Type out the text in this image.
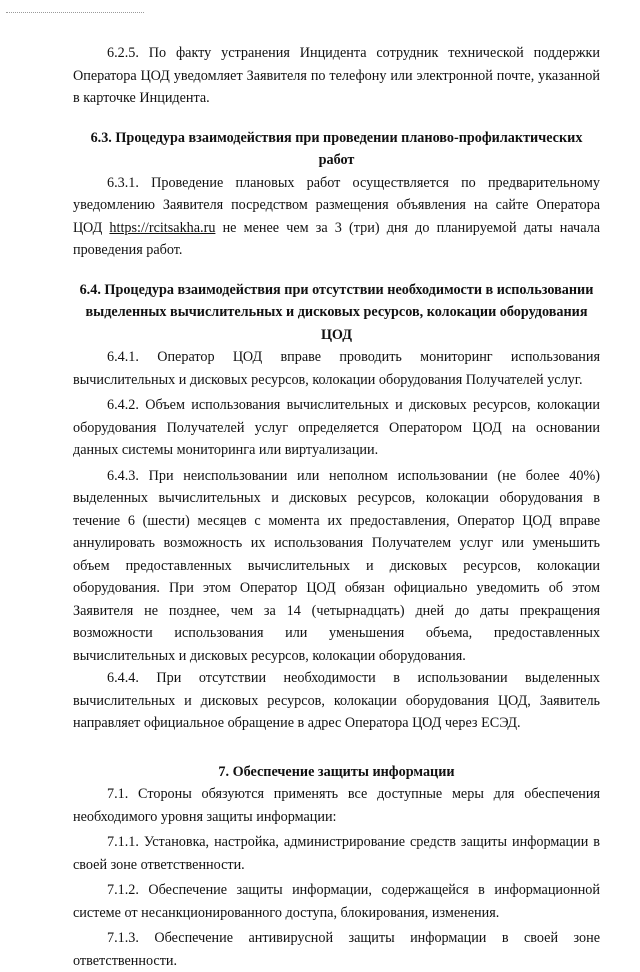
6.2.5. По факту устранения Инцидента сотрудник технической поддержки Оператора ЦОД уведомляет Заявителя по телефону или электронной почте, указанной в карточке Инцидента.

6.3. Процедура взаимодействия при проведении планово-профилактических работ

6.3.1. Проведение плановых работ осуществляется по предварительному уведомлению Заявителя посредством размещения объявления на сайте Оператора ЦОД https://rcitsakha.ru не менее чем за 3 (три) дня до планируемой даты начала проведения работ.

6.4. Процедура взаимодействия при отсутствии необходимости в использовании выделенных вычислительных и дисковых ресурсов, колокации оборудования ЦОД

6.4.1. Оператор ЦОД вправе проводить мониторинг использования вычислительных и дисковых ресурсов, колокации оборудования Получателей услуг.

6.4.2. Объем использования вычислительных и дисковых ресурсов, колокации оборудования Получателей услуг определяется Оператором ЦОД на основании данных системы мониторинга или виртуализации.

6.4.3. При неиспользовании или неполном использовании (не более 40%) выделенных вычислительных и дисковых ресурсов, колокации оборудования в течение 6 (шести) месяцев с момента их предоставления, Оператор ЦОД вправе аннулировать возможность их использования Получателем услуг или уменьшить объем предоставленных вычислительных и дисковых ресурсов, колокации оборудования. При этом Оператор ЦОД обязан официально уведомить об этом Заявителя не позднее, чем за 14 (четырнадцать) дней до даты прекращения возможности использования или уменьшения объема, предоставленных вычислительных и дисковых ресурсов, колокации оборудования.

6.4.4. При отсутствии необходимости в использовании выделенных вычислительных и дисковых ресурсов, колокации оборудования ЦОД, Заявитель направляет официальное обращение в адрес Оператора ЦОД через ЕСЭД.

7. Обеспечение защиты информации

7.1. Стороны обязуются применять все доступные меры для обеспечения необходимого уровня защиты информации:

7.1.1. Установка, настройка, администрирование средств защиты информации в своей зоне ответственности.

7.1.2. Обеспечение защиты информации, содержащейся в информационной системе от несанкционированного доступа, блокирования, изменения.

7.1.3. Обеспечение антивирусной защиты информации в своей зоне ответственности.
